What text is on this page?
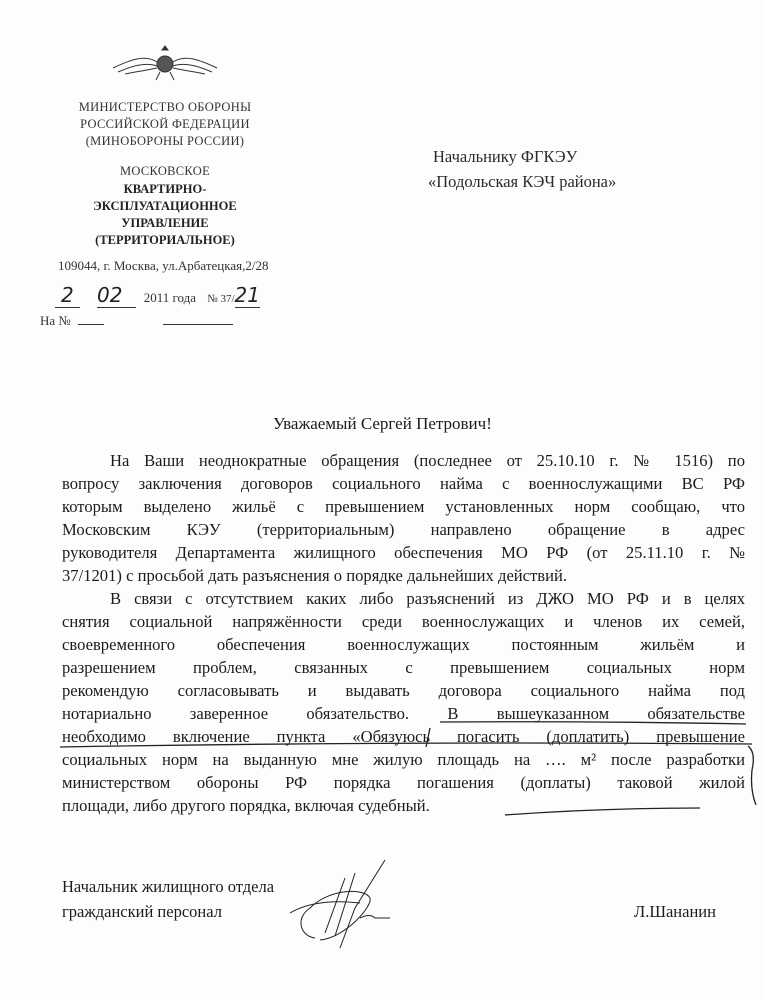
МИНИСТЕРСТВО ОБОРОНЫ
РОССИЙСКОЙ ФЕДЕРАЦИИ
(МИНОБОРОНЫ РОССИИ)
МОСКОВСКОЕ
КВАРТИРНО-
ЭКСПЛУАТАЦИОННОЕ
УПРАВЛЕНИЕ
(ТЕРРИТОРИАЛЬНОЕ)
109044, г. Москва, ул.Арбатецкая,2/28
2 02 2011 года № 37/21
На №
Начальнику ФГКЭУ
«Подольская КЭЧ района»
Уважаемый Сергей Петрович!
На Ваши неоднократные обращения (последнее от 25.10.10 г. № 1516) по
вопросу заключения договоров социального найма с военнослужащими ВС РФ
которым выделено жильё с превышением установленных норм сообщаю, что
Московским КЭУ (территориальным) направлено обращение в адрес
руководителя Департамента жилищного обеспечения МО РФ (от 25.11.10 г. №
37/1201) с просьбой дать разъяснения о порядке дальнейших действий.
В связи с отсутствием каких либо разъяснений из ДЖО МО РФ и в целях
снятия социальной напряжённости среди военнослужащих и членов их семей,
своевременного обеспечения военнослужащих постоянным жильём и
разрешением проблем, связанных с превышением социальных норм
рекомендую согласовывать и выдавать договора социального найма под
нотариально заверенное обязательство. В вышеуказанном обязательстве
необходимо включение пункта «Обязуюсь погасить (доплатить) превышение
социальных норм на выданную мне жилую площадь на …. м² после разработки
министерством обороны РФ порядка погашения (доплаты) таковой жилой
площади, либо другого порядка, включая судебный.
Начальник жилищного отдела
гражданский персонал	Л.Шананин
